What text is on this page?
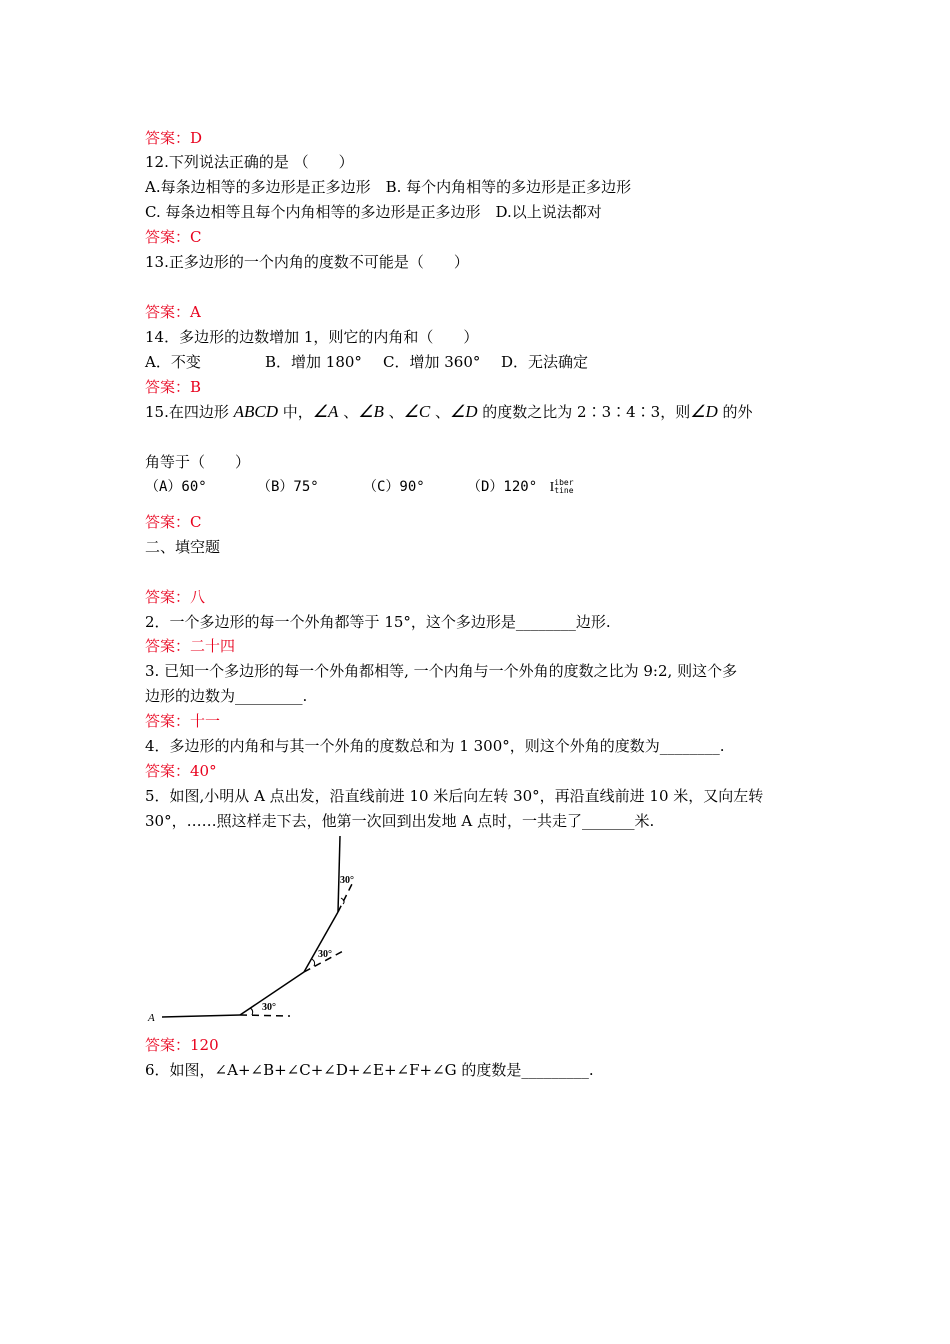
答案：D
12.下列说法正确的是 （　　）
A.每条边相等的多边形是正多边形　B. 每个内角相等的多边形是正多边形
C. 每条边相等且每个内角相等的多边形是正多边形　D.以上说法都对
答案：C
13.正多边形的一个内角的度数不可能是（　　）
答案：A
14．多边形的边数增加 1，则它的内角和（　　）
A．不变	B．增加 180° C．增加 360° D．无法确定
答案：B
15.在四边形 ABCD 中，∠A 、∠B 、∠C 、∠D 的度数之比为 2∶3∶4∶3，则∠D 的外
角等于（　　）
（A）60°	（B）75°	（C）90°	（D）120° Iiber
tine
答案：C
二、填空题
答案：八
2．一个多边形的每一个外角都等于 15°，这个多边形是________边形.
答案：二十四
3. 已知一个多边形的每一个外角都相等, 一个内角与一个外角的度数之比为 9:2, 则这个多
边形的边数为_________.
答案：十一
4．多边形的内角和与其一个外角的度数总和为 1 300°，则这个外角的度数为________.
答案：40°
5．如图,小明从 A 点出发，沿直线前进 10 米后向左转 30°，再沿直线前进 10 米，又向左转
30°，……照这样走下去，他第一次回到出发地 A 点时，一共走了_______米.
A
30°
30°
30°
答案：120
6．如图，∠A+∠B+∠C+∠D+∠E+∠F+∠G 的度数是_________.
